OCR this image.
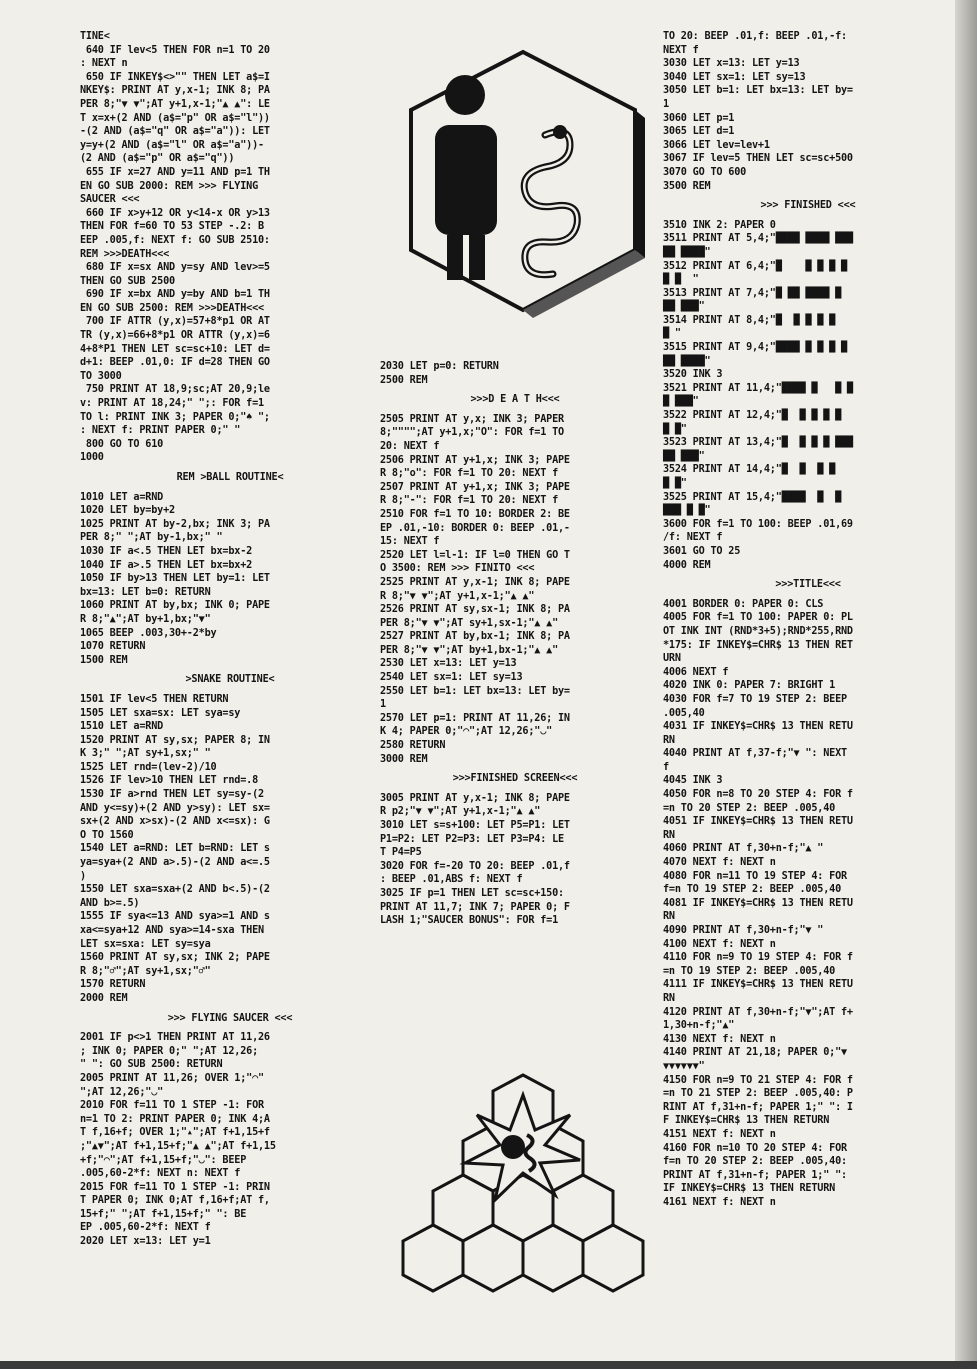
TINE<
640 IF lev<5 THEN FOR n=1 TO 20
: NEXT n
650 IF INKEY$<>"" THEN LET a$=I
NKEY$: PRINT AT y,x-1; INK 8; PA
PER 8;"▼ ▼";AT y+1,x-1;"▲ ▲": LE
T x=x+(2 AND (a$="p" OR a$="l"))
-(2 AND (a$="q" OR a$="a")): LET
y=y+(2 AND (a$="l" OR a$="a"))-
(2 AND (a$="p" OR a$="q"))
655 IF x=27 AND y=11 AND p=1 TH
EN GO SUB 2000: REM >>> FLYING
SAUCER <<<
660 IF x>y+12 OR y<14-x OR y>13
THEN FOR f=60 TO 53 STEP -.2: B
EEP .005,f: NEXT f: GO SUB 2510:
REM >>>DEATH<<<
680 IF x=sx AND y=sy AND lev>=5
THEN GO SUB 2500
690 IF x=bx AND y=by AND b=1 TH
EN GO SUB 2500: REM >>>DEATH<<<
700 IF ATTR (y,x)=57+8*p1 OR AT
TR (y,x)=66+8*p1 OR ATTR (y,x)=6
4+8*P1 THEN LET sc=sc+10: LET d=
d+1: BEEP .01,0: IF d=28 THEN GO
TO 3000
750 PRINT AT 18,9;sc;AT 20,9;le
v: PRINT AT 18,24;" ";: FOR f=1
TO l: PRINT INK 3; PAPER 0;"♠ ";
: NEXT f: PRINT PAPER 0;" "
800 GO TO 610
1000
REM >BALL ROUTINE<
1010 LET a=RND
1020 LET by=by+2
1025 PRINT AT by-2,bx; INK 3; PA
PER 8;" ";AT by-1,bx;" "
1030 IF a<.5 THEN LET bx=bx-2
1040 IF a>.5 THEN LET bx=bx+2
1050 IF by>13 THEN LET by=1: LET
bx=13: LET b=0: RETURN
1060 PRINT AT by,bx; INK 0; PAPE
R 8;"▲";AT by+1,bx;"▼"
1065 BEEP .003,30+-2*by
1070 RETURN
1500 REM
>SNAKE ROUTINE<
1501 IF lev<5 THEN RETURN
1505 LET sxa=sx: LET sya=sy
1510 LET a=RND
1520 PRINT AT sy,sx; PAPER 8; IN
K 3;" ";AT sy+1,sx;" "
1525 LET rnd=(lev-2)/10
1526 IF lev>10 THEN LET rnd=.8
1530 IF a>rnd THEN LET sy=sy-(2
AND y<=sy)+(2 AND y>sy): LET sx=
sx+(2 AND x>sx)-(2 AND x<=sx): G
O TO 1560
1540 LET a=RND: LET b=RND: LET s
ya=sya+(2 AND a>.5)-(2 AND a<=.5
)
1550 LET sxa=sxa+(2 AND b<.5)-(2
AND b>=.5)
1555 IF sya<=13 AND sya>=1 AND s
xa<=sya+12 AND sya>=14-sxa THEN
LET sx=sxa: LET sy=sya
1560 PRINT AT sy,sx; INK 2; PAPE
R 8;"♂";AT sy+1,sx;"♂"
1570 RETURN
2000 REM
>>> FLYING SAUCER <<<
2001 IF p<>1 THEN PRINT AT 11,26
; INK 0; PAPER 0;" ";AT 12,26;
" ": GO SUB 2500: RETURN
2005 PRINT AT 11,26; OVER 1;"◠"
";AT 12,26;"◡"
2010 FOR f=11 TO 1 STEP -1: FOR
n=1 TO 2: PRINT PAPER 0; INK 4;A
T f,16+f; OVER 1;"▴";AT f+1,15+f
;"▲▼";AT f+1,15+f;"▲ ▲";AT f+1,15
+f;"◠";AT f+1,15+f;"◡": BEEP
.005,60-2*f: NEXT n: NEXT f
2015 FOR f=11 TO 1 STEP -1: PRIN
T PAPER 0; INK 0;AT f,16+f;AT f,
15+f;" ";AT f+1,15+f;" ": BE
EP .005,60-2*f: NEXT f
2020 LET x=13: LET y=1
2030 LET p=0: RETURN
2500 REM
>>>D E A T H<<<
2505 PRINT AT y,x; INK 3; PAPER
8;"""";AT y+1,x;"O": FOR f=1 TO
20: NEXT f
2506 PRINT AT y+1,x; INK 3; PAPE
R 8;"o": FOR f=1 TO 20: NEXT f
2507 PRINT AT y+1,x; INK 3; PAPE
R 8;"-": FOR f=1 TO 20: NEXT f
2510 FOR f=1 TO 10: BORDER 2: BE
EP .01,-10: BORDER 0: BEEP .01,-
15: NEXT f
2520 LET l=l-1: IF l=0 THEN GO T
O 3500: REM >>> FINITO <<<
2525 PRINT AT y,x-1; INK 8; PAPE
R 8;"▼ ▼";AT y+1,x-1;"▲ ▲"
2526 PRINT AT sy,sx-1; INK 8; PA
PER 8;"▼ ▼";AT sy+1,sx-1;"▲ ▲"
2527 PRINT AT by,bx-1; INK 8; PA
PER 8;"▼ ▼";AT by+1,bx-1;"▲ ▲"
2530 LET x=13: LET y=13
2540 LET sx=1: LET sy=13
2550 LET b=1: LET bx=13: LET by=
1
2570 LET p=1: PRINT AT 11,26; IN
K 4; PAPER 0;"◠";AT 12,26;"◡"
2580 RETURN
3000 REM
>>>FINISHED SCREEN<<<
3005 PRINT AT y,x-1; INK 8; PAPE
R p2;"▼ ▼";AT y+1,x-1;"▲ ▲"
3010 LET s=s+100: LET P5=P1: LET
P1=P2: LET P2=P3: LET P3=P4: LE
T P4=P5
3020 FOR f=-20 TO 20: BEEP .01,f
: BEEP .01,ABS f: NEXT f
3025 IF p=1 THEN LET sc=sc+150:
PRINT AT 11,7; INK 7; PAPER 0; F
LASH 1;"SAUCER BONUS": FOR f=1
TO 20: BEEP .01,f: BEEP .01,-f:
NEXT f
3030 LET x=13: LET y=13
3040 LET sx=1: LET sy=13
3050 LET b=1: LET bx=13: LET by=
1
3060 LET p=1
3065 LET d=1
3066 LET lev=lev+1
3067 IF lev=5 THEN LET sc=sc+500
3070 GO TO 600
3500 REM
>>> FINISHED <<<
3510 INK 2: PAPER 0
3511 PRINT AT 5,4;"████ ████ ███
██ ████"
3512 PRINT AT 6,4;"█    █ █ █ █
█ █  "
3513 PRINT AT 7,4;"█ ██ ████ █
██ ███"
3514 PRINT AT 8,4;"█  █ █ █ █
█ "
3515 PRINT AT 9,4;"████ █ █ █ █
██ ████"
3520 INK 3
3521 PRINT AT 11,4;"████ █   █ █
█ ███"
3522 PRINT AT 12,4;"█  █ █ █ █
█ █"
3523 PRINT AT 13,4;"█  █ █ █ ███
██ ███"
3524 PRINT AT 14,4;"█  █  █ █
█ █"
3525 PRINT AT 15,4;"████  █  █
███ █ █"
3600 FOR f=1 TO 100: BEEP .01,69
/f: NEXT f
3601 GO TO 25
4000 REM
>>>TITLE<<<
4001 BORDER 0: PAPER 0: CLS
4005 FOR f=1 TO 100: PAPER 0: PL
OT INK INT (RND*3+5);RND*255,RND
*175: IF INKEY$=CHR$ 13 THEN RET
URN
4006 NEXT f
4020 INK 0: PAPER 7: BRIGHT 1
4030 FOR f=7 TO 19 STEP 2: BEEP
.005,40
4031 IF INKEY$=CHR$ 13 THEN RETU
RN
4040 PRINT AT f,37-f;"▼ ": NEXT
f
4045 INK 3
4050 FOR n=8 TO 20 STEP 4: FOR f
=n TO 20 STEP 2: BEEP .005,40
4051 IF INKEY$=CHR$ 13 THEN RETU
RN
4060 PRINT AT f,30+n-f;"▲ "
4070 NEXT f: NEXT n
4080 FOR n=11 TO 19 STEP 4: FOR
f=n TO 19 STEP 2: BEEP .005,40
4081 IF INKEY$=CHR$ 13 THEN RETU
RN
4090 PRINT AT f,30+n-f;"▼ "
4100 NEXT f: NEXT n
4110 FOR n=9 TO 19 STEP 4: FOR f
=n TO 19 STEP 2: BEEP .005,40
4111 IF INKEY$=CHR$ 13 THEN RETU
RN
4120 PRINT AT f,30+n-f;"▼";AT f+
1,30+n-f;"▲"
4130 NEXT f: NEXT n
4140 PRINT AT 21,18; PAPER 0;"▼
▼▼▼▼▼▼"
4150 FOR n=9 TO 21 STEP 4: FOR f
=n TO 21 STEP 2: BEEP .005,40: P
RINT AT f,31+n-f; PAPER 1;" ": I
F INKEY$=CHR$ 13 THEN RETURN
4151 NEXT f: NEXT n
4160 FOR n=10 TO 20 STEP 4: FOR
f=n TO 20 STEP 2: BEEP .005,40:
PRINT AT f,31+n-f; PAPER 1;" ":
IF INKEY$=CHR$ 13 THEN RETURN
4161 NEXT f: NEXT n
